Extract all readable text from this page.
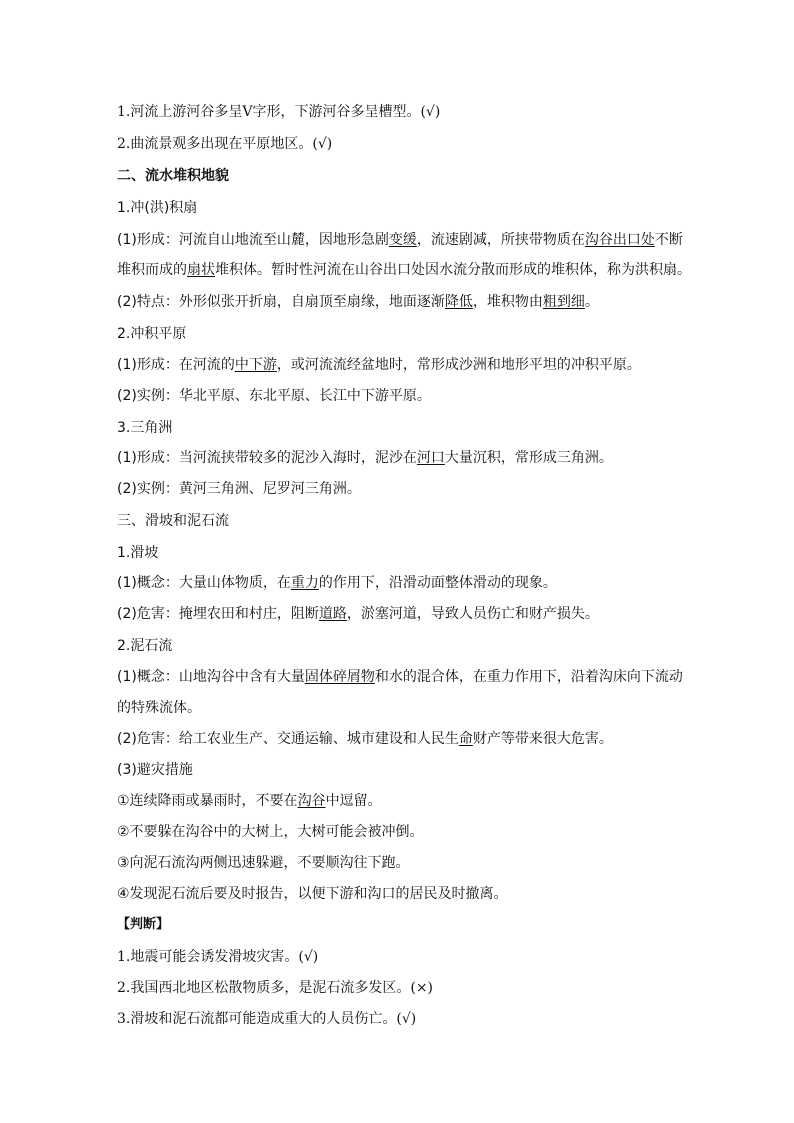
1.河流上游河谷多呈V字形，下游河谷多呈槽型。(√)

2.曲流景观多出现在平原地区。(√)

二、流水堆积地貌

1.冲(洪)积扇

(1)形成：河流自山地流至山麓，因地形急剧变缓，流速剧减，所挟带物质在沟谷出口处不断

堆积而成的扇状堆积体。暂时性河流在山谷出口处因水流分散而形成的堆积体，称为洪积扇。

(2)特点：外形似张开折扇，自扇顶至扇缘，地面逐渐降低，堆积物由粗到细。

2.冲积平原

(1)形成：在河流的中下游，或河流流经盆地时，常形成沙洲和地形平坦的冲积平原。

(2)实例：华北平原、东北平原、长江中下游平原。

3.三角洲

(1)形成：当河流挟带较多的泥沙入海时，泥沙在河口大量沉积，常形成三角洲。

(2)实例：黄河三角洲、尼罗河三角洲。

三、滑坡和泥石流

1.滑坡

(1)概念：大量山体物质，在重力的作用下，沿滑动面整体滑动的现象。

(2)危害：掩埋农田和村庄，阻断道路，淤塞河道，导致人员伤亡和财产损失。

2.泥石流

(1)概念：山地沟谷中含有大量固体碎屑物和水的混合体，在重力作用下，沿着沟床向下流动

的特殊流体。

(2)危害：给工农业生产、交通运输、城市建设和人民生命财产等带来很大危害。

(3)避灾措施

①连续降雨或暴雨时，不要在沟谷中逗留。

②不要躲在沟谷中的大树上，大树可能会被冲倒。

③向泥石流沟两侧迅速躲避，不要顺沟往下跑。

④发现泥石流后要及时报告，以便下游和沟口的居民及时撤离。

【判断】

1.地震可能会诱发滑坡灾害。(√)

2.我国西北地区松散物质多，是泥石流多发区。(×)

3.滑坡和泥石流都可能造成重大的人员伤亡。(√)
